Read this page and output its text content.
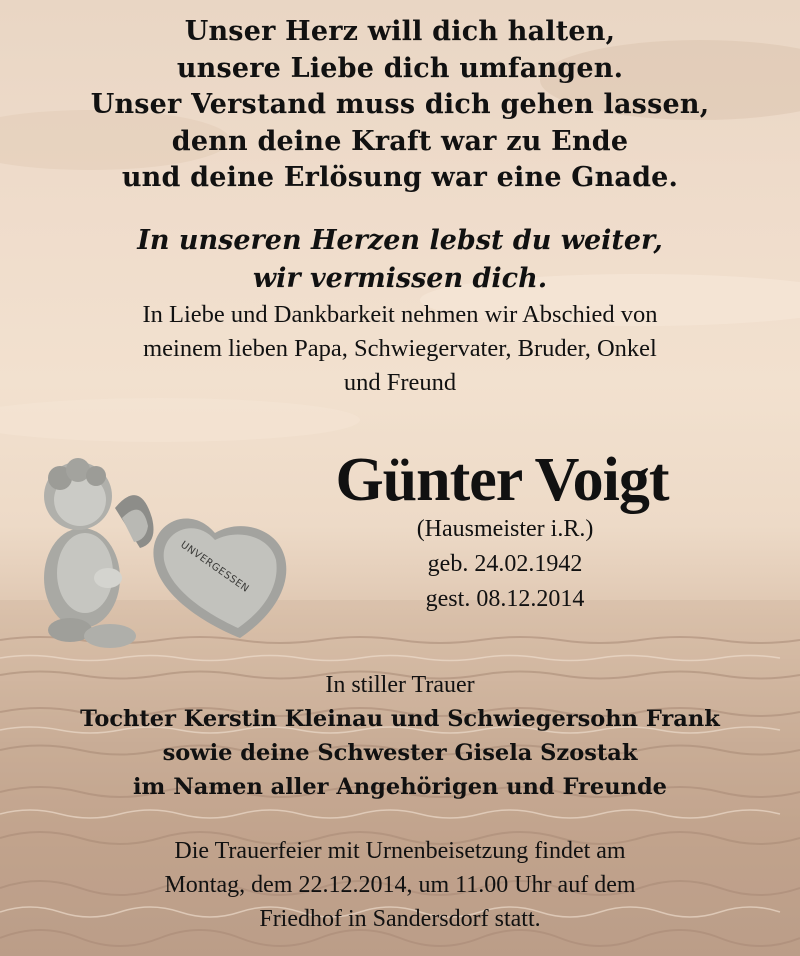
Unser Herz will dich halten,
unsere Liebe dich umfangen.
Unser Verstand muss dich gehen lassen,
denn deine Kraft war zu Ende
und deine Erlösung war eine Gnade.
In unseren Herzen lebst du weiter,
wir vermissen dich.
In Liebe und Dankbarkeit nehmen wir Abschied von
meinem lieben Papa, Schwiegervater, Bruder, Onkel
und Freund
UNVERGESSEN
Günter Voigt
(Hausmeister i.R.)
geb. 24.02.1942
gest. 08.12.2014
In stiller Trauer
Tochter Kerstin Kleinau und Schwiegersohn Frank
sowie deine Schwester Gisela Szostak
im Namen aller Angehörigen und Freunde
Die Trauerfeier mit Urnenbeisetzung findet am
Montag, dem 22.12.2014, um 11.00 Uhr auf dem
Friedhof in Sandersdorf statt.
